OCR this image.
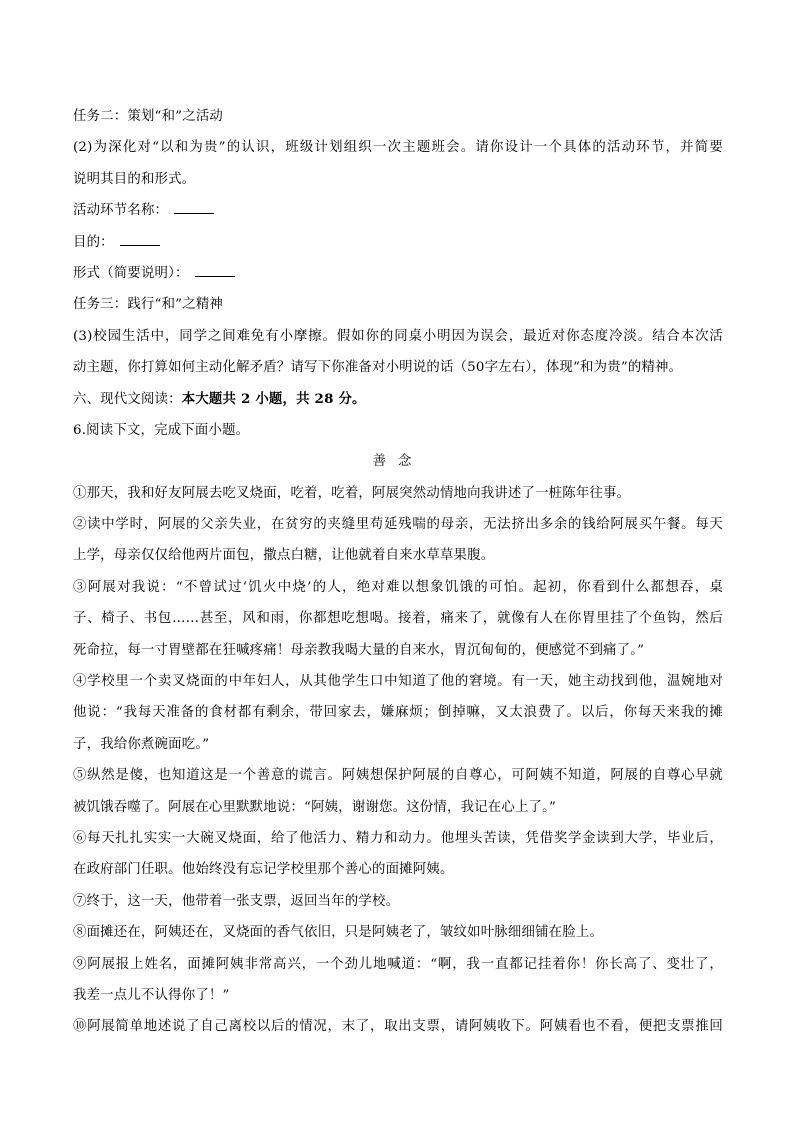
任务二：策划“和”之活动
(2)为深化对“以和为贵”的认识，班级计划组织一次主题班会。请你设计一个具体的活动环节，并简要
说明其目的和形式。
活动环节名称：
目的：
形式（简要说明）：
任务三：践行“和”之精神
(3)校园生活中，同学之间难免有小摩擦。假如你的同桌小明因为误会，最近对你态度冷淡。结合本次活
动主题，你打算如何主动化解矛盾？请写下你准备对小明说的话（50字左右），体现“和为贵”的精神。
六、现代文阅读：本大题共 2 小题，共 28 分。
6.阅读下文，完成下面小题。
善念
①那天，我和好友阿展去吃叉烧面，吃着，吃着，阿展突然动情地向我讲述了一桩陈年往事。
②读中学时，阿展的父亲失业，在贫穷的夹缝里苟延残喘的母亲，无法挤出多余的钱给阿展买午餐。每天
上学，母亲仅仅给他两片面包，撒点白糖，让他就着自来水草草果腹。
③阿展对我说：“不曾试过‘饥火中烧’的人，绝对难以想象饥饿的可怕。起初，你看到什么都想吞，桌
子、椅子、书包……甚至，风和雨，你都想吃想喝。接着，痛来了，就像有人在你胃里挂了个鱼钩，然后
死命拉，每一寸胃壁都在狂喊疼痛！母亲教我喝大量的自来水，胃沉甸甸的，便感觉不到痛了。”
④学校里一个卖叉烧面的中年妇人，从其他学生口中知道了他的窘境。有一天，她主动找到他，温婉地对
他说：“我每天准备的食材都有剩余，带回家去，嫌麻烦；倒掉嘛，又太浪费了。以后，你每天来我的摊
子，我给你煮碗面吃。”
⑤纵然是傻，也知道这是一个善意的谎言。阿姨想保护阿展的自尊心，可阿姨不知道，阿展的自尊心早就
被饥饿吞噬了。阿展在心里默默地说：“阿姨，谢谢您。这份情，我记在心上了。”
⑥每天扎扎实实一大碗叉烧面，给了他活力、精力和动力。他埋头苦读，凭借奖学金读到大学，毕业后，
在政府部门任职。他始终没有忘记学校里那个善心的面摊阿姨。
⑦终于，这一天，他带着一张支票，返回当年的学校。
⑧面摊还在，阿姨还在，叉烧面的香气依旧，只是阿姨老了，皱纹如叶脉细细铺在脸上。
⑨阿展报上姓名，面摊阿姨非常高兴，一个劲儿地喊道：“啊，我一直都记挂着你！你长高了、变壮了，
我差一点儿不认得你了！”
⑩阿展简单地述说了自己离校以后的情况，末了，取出支票，请阿姨收下。阿姨看也不看，便把支票推回
